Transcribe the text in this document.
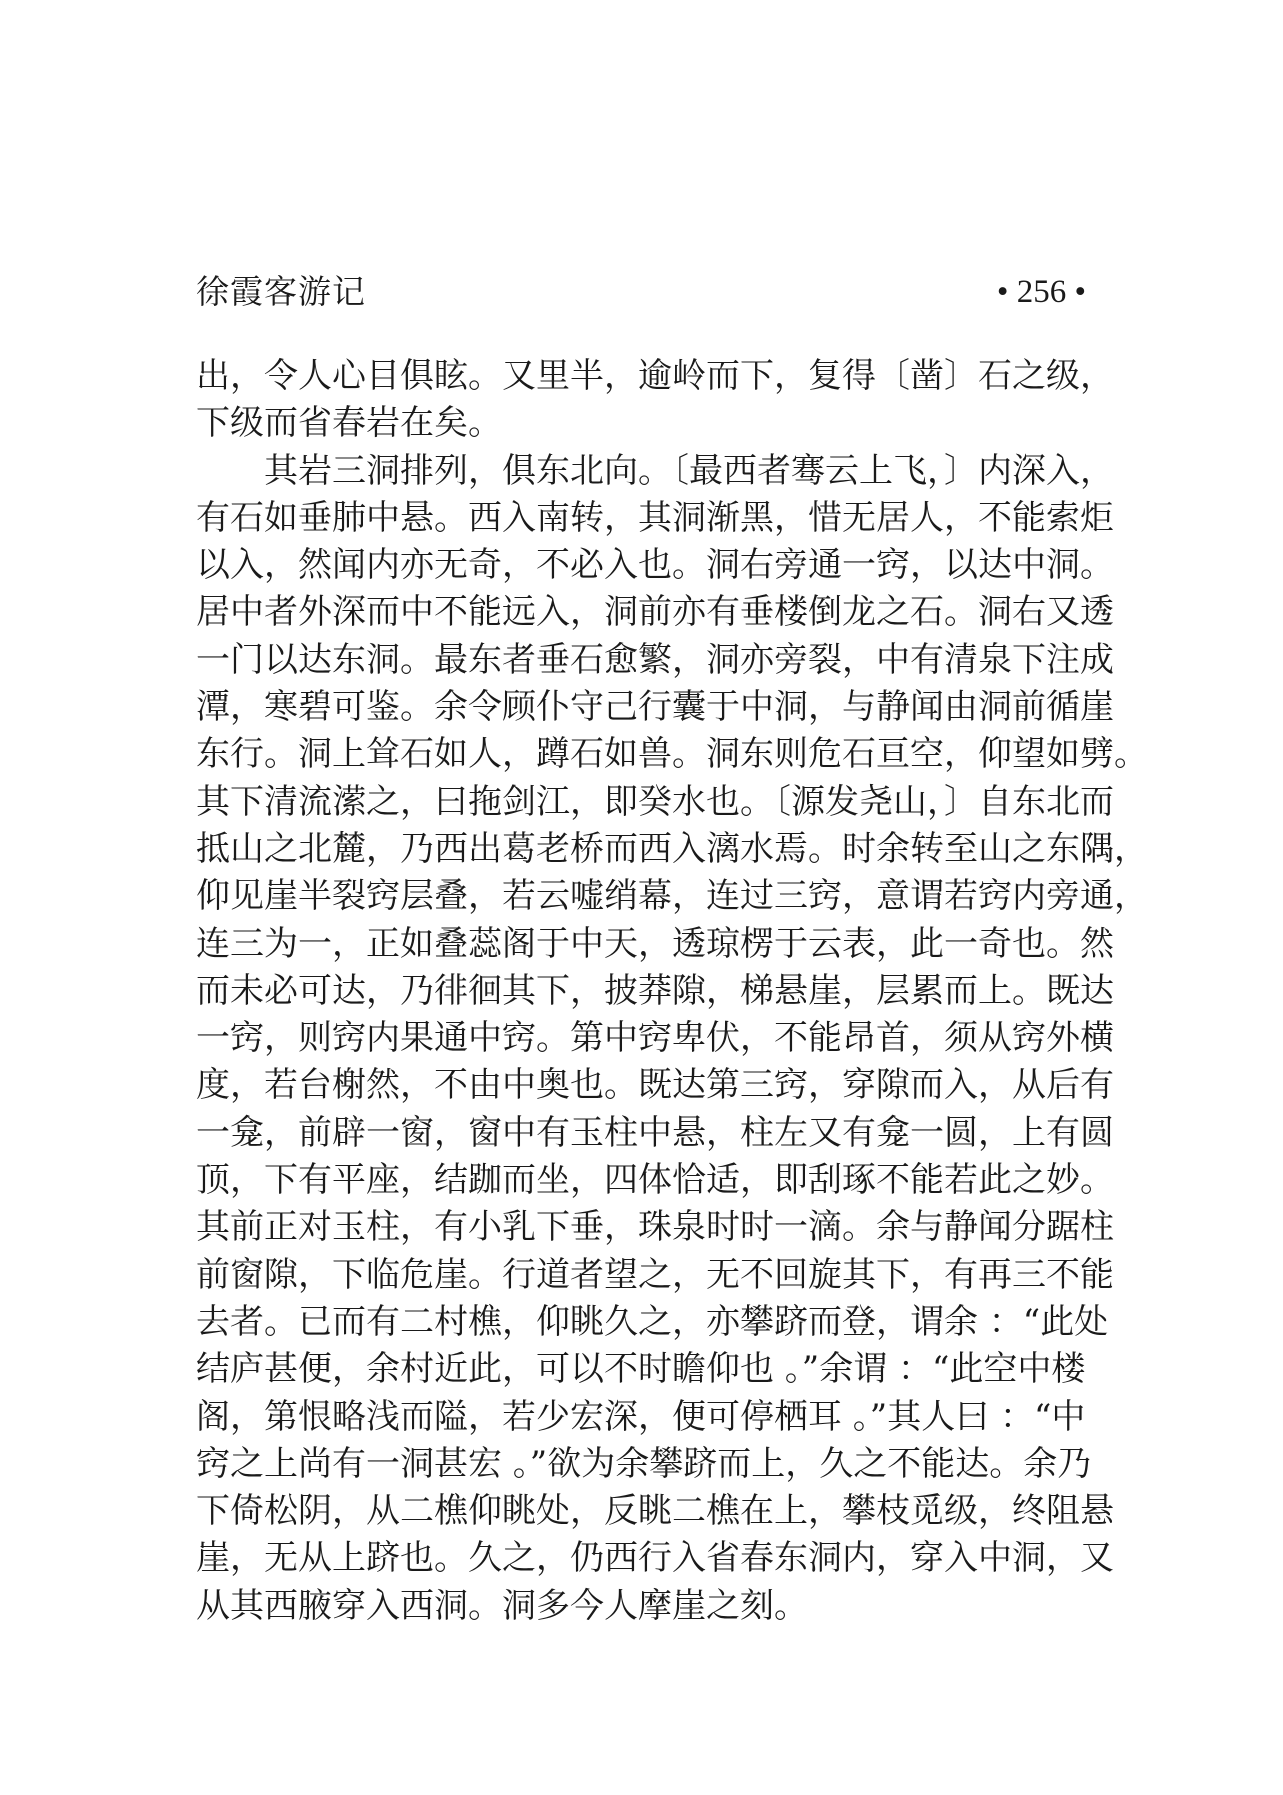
徐霞客游记	• 256 •
出，令人心目俱眩。又里半，逾岭而下，复得〔凿〕石之级，
下级而省春岩在矣。
其岩三洞排列，俱东北向。〔最西者骞云上飞，〕内深入，
有石如垂肺中悬。西入南转，其洞渐黑，惜无居人，不能索炬
以入，然闻内亦无奇，不必入也。洞右旁通一窍，以达中洞。
居中者外深而中不能远入，洞前亦有垂楼倒龙之石。洞右又透
一门以达东洞。最东者垂石愈繁，洞亦旁裂，中有清泉下注成
潭，寒碧可鉴。余令顾仆守己行囊于中洞，与静闻由洞前循崖
东行。洞上耸石如人，蹲石如兽。洞东则危石亘空，仰望如劈。
其下清流潆之，曰拖剑江，即癸水也。〔源发尧山，〕自东北而
抵山之北麓，乃西出葛老桥而西入漓水焉。时余转至山之东隅，
仰见崖半裂窍层叠，若云嘘绡幕，连过三窍，意谓若窍内旁通，
连三为一，正如叠蕊阁于中天，透琼楞于云表，此一奇也。然
而未必可达，乃徘徊其下，披莽隙，梯悬崖，层累而上。既达
一窍，则窍内果通中窍。第中窍卑伏，不能昂首，须从窍外横
度，若台榭然，不由中奥也。既达第三窍，穿隙而入，从后有
一龛，前辟一窗，窗中有玉柱中悬，柱左又有龛一圆，上有圆
顶，下有平座，结跏而坐，四体恰适，即刮琢不能若此之妙。
其前正对玉柱，有小乳下垂，珠泉时时一滴。余与静闻分踞柱
前窗隙，下临危崖。行道者望之，无不回旋其下，有再三不能
去者。已而有二村樵，仰眺久之，亦攀跻而登，谓余 ：“此处
结庐甚便，余村近此，可以不时瞻仰也 。”余谓 ：“此空中楼
阁，第恨略浅而隘，若少宏深，便可停栖耳 。”其人曰 ：“中
窍之上尚有一洞甚宏 。”欲为余攀跻而上，久之不能达。余乃
下倚松阴，从二樵仰眺处，反眺二樵在上，攀枝觅级，终阻悬
崖，无从上跻也。久之，仍西行入省春东洞内，穿入中洞，又
从其西腋穿入西洞。洞多今人摩崖之刻。
